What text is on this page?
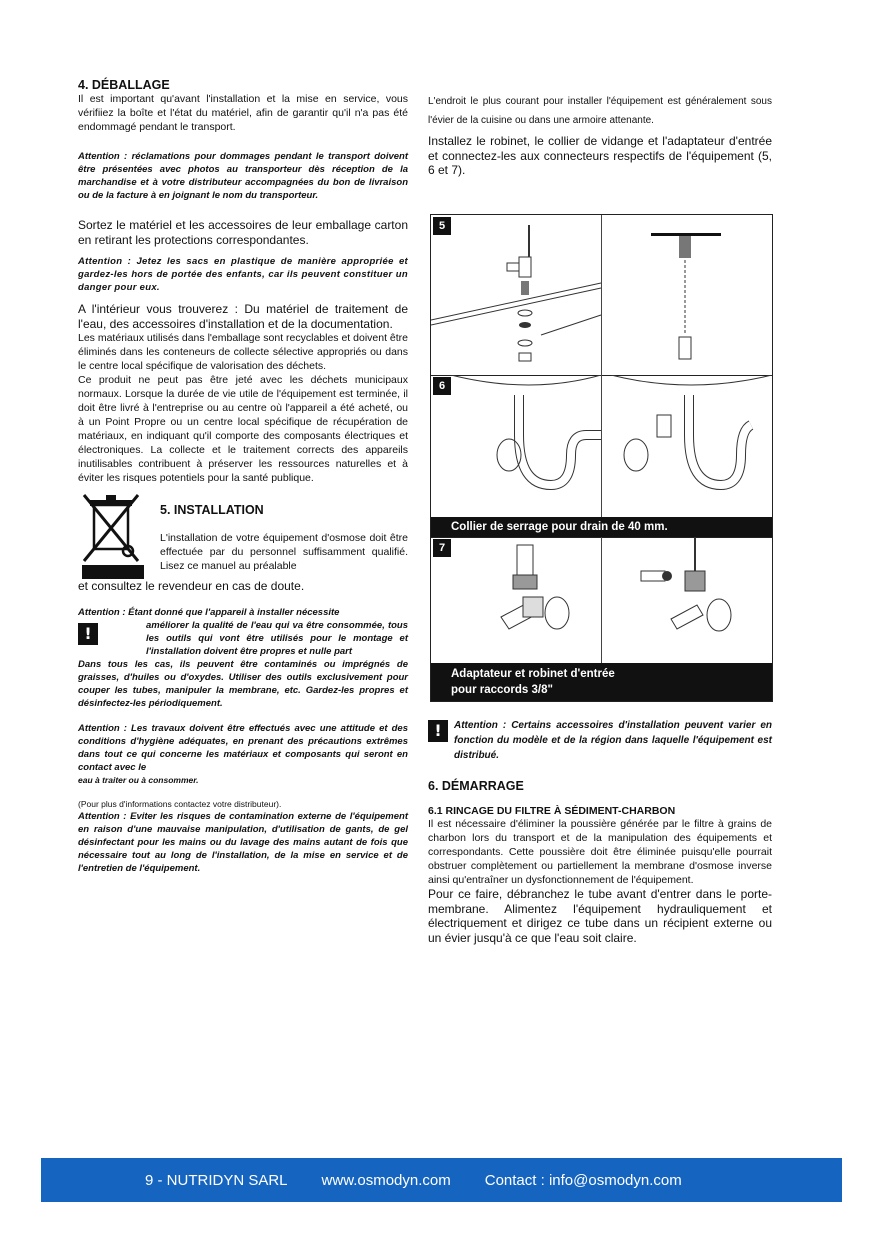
4. DÉBALLAGE

Il est important qu'avant l'installation et la mise en service, vous vérifiiez la boîte et l'état du matériel, afin de garantir qu'il n'a pas été endommagé pendant le transport.

Attention : réclamations pour dommages pendant le transport doivent être présentées avec photos au transporteur dès réception de la marchandise et à votre distributeur accompagnées du bon de livraison ou de la facture à en joignant le nom du transporteur.

Sortez le matériel et les accessoires de leur emballage carton en retirant les protections correspondantes.

Attention : Jetez les sacs en plastique de manière appropriée et gardez-les hors de portée des enfants, car ils peuvent constituer un danger pour eux.

A l'intérieur vous trouverez : Du matériel de traitement de l'eau, des accessoires d'installation et de la documentation.

Les matériaux utilisés dans l'emballage sont recyclables et doivent être éliminés dans les conteneurs de collecte sélective appropriés ou dans le centre local spécifique de valorisation des déchets.

Ce produit ne peut pas être jeté avec les déchets municipaux normaux. Lorsque la durée de vie utile de l'équipement est terminée, il doit être livré à l'entreprise ou au centre où l'appareil a été acheté, ou à un Point Propre ou un centre local spécifique de récupération de matériaux, en indiquant qu'il comporte des composants électriques et électroniques. La collecte et le traitement corrects des appareils inutilisables contribuent à préserver les ressources naturelles et à éviter les risques potentiels pour la santé publique.

5. INSTALLATION

L'installation de votre équipement d'osmose doit être effectuée par du personnel suffisamment qualifié. Lisez ce manuel au préalable

et consultez le revendeur en cas de doute.

Attention : Étant donné que l'appareil à installer nécessite

!	améliorer la qualité de l'eau qui va être consommée, tous les outils qui vont être utilisés pour le montage et l'installation doivent être propres et nulle part

Dans tous les cas, ils peuvent être contaminés ou imprégnés de graisses, d'huiles ou d'oxydes. Utiliser des outils exclusivement pour couper les tubes, manipuler la membrane, etc. Gardez-les propres et désinfectez-les périodiquement.

Attention : Les travaux doivent être effectués avec une attitude et des conditions d'hygiène adéquates, en prenant des précautions extrêmes dans tout ce qui concerne les matériaux et composants qui seront en contact avec le

eau à traiter ou à consommer.

(Pour plus d'informations contactez votre distributeur).

Attention : Eviter les risques de contamination externe de l'équipement en raison d'une mauvaise manipulation, d'utilisation de gants, de gel désinfectant pour les mains ou du lavage des mains autant de fois que nécessaire tout au long de l'installation, de la mise en service et de l'entretien de l'équipement.

L'endroit le plus courant pour installer l'équipement est généralement sous l'évier de la cuisine ou dans une armoire attenante.

Installez le robinet, le collier de vidange et l'adaptateur d'entrée et connectez-les aux connecteurs respectifs de l'équipement (5, 6 et 7).

5
6
Collier de serrage pour drain de 40 mm.
7
Adaptateur et robinet d'entrée
pour raccords 3/8"
!	Attention : Certains accessoires d'installation peuvent varier en fonction du modèle et de la région dans laquelle l'équipement est distribué.

6. DÉMARRAGE
6.1 RINCAGE DU FILTRE À SÉDIMENT-CHARBON

Il est nécessaire d'éliminer la poussière générée par le filtre à grains de charbon lors du transport et de la manipulation des équipements et correspondants. Cette poussière doit être éliminée puisqu'elle pourrait obstruer complètement ou partiellement la membrane d'osmose inverse ainsi qu'entraîner un dysfonctionnement de l'équipement.

Pour ce faire, débranchez le tube avant d'entrer dans le porte-membrane. Alimentez l'équipement hydrauliquement et électriquement et dirigez ce tube dans un récipient externe ou un évier jusqu'à ce que l'eau soit claire.

9 - NUTRIDYN SARL www.osmodyn.com Contact : info@osmodyn.com
